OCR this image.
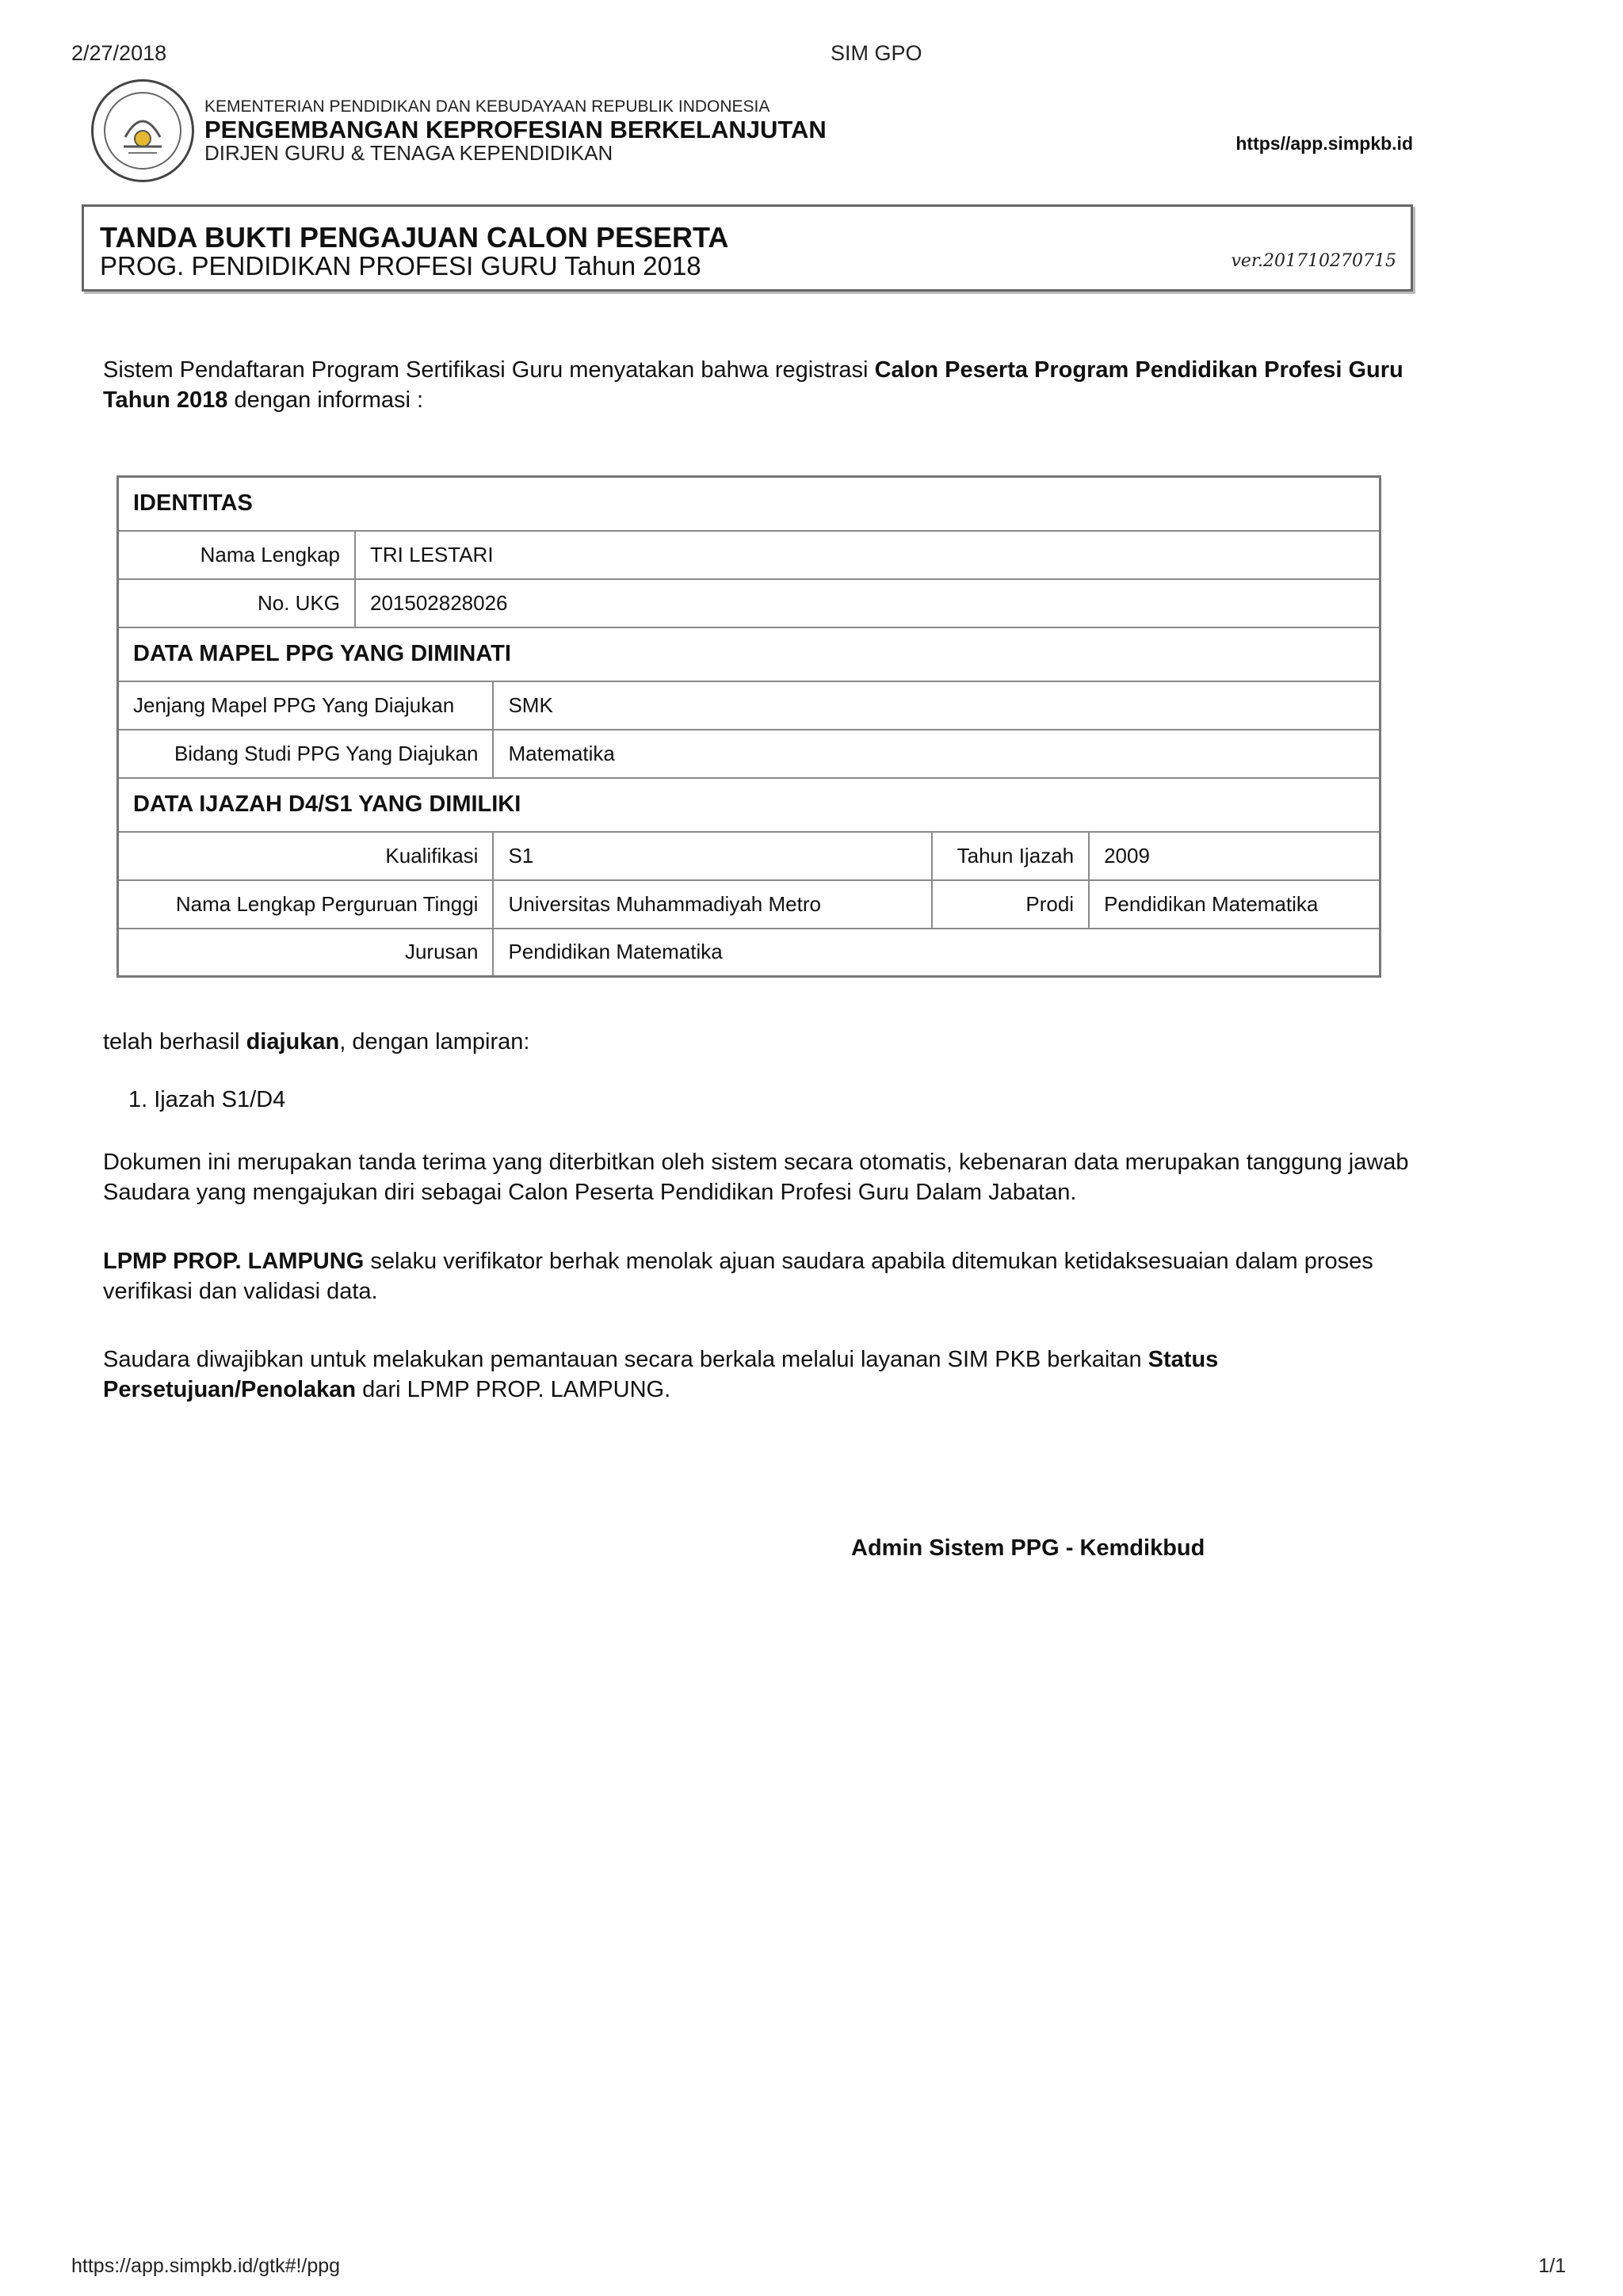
2/27/2018	SIM GPO
KEMENTERIAN PENDIDIKAN DAN KEBUDAYAAN REPUBLIK INDONESIA
PENGEMBANGAN KEPROFESIAN BERKELANJUTAN
DIRJEN GURU & TENAGA KEPENDIDIKAN	https//app.simpkb.id
TANDA BUKTI PENGAJUAN CALON PESERTA
PROG. PENDIDIKAN PROFESI GURU Tahun 2018	ver.201710270715
Sistem Pendaftaran Program Sertifikasi Guru menyatakan bahwa registrasi Calon Peserta Program Pendidikan Profesi Guru Tahun 2018 dengan informasi :
IDENTITAS				
Nama Lengkap	TRI LESTARI			
No. UKG	201502828026			
DATA MAPEL PPG YANG DIMINATI				
Jenjang Mapel PPG Yang Diajukan		SMK		
Bidang Studi PPG Yang Diajukan		Matematika		
DATA IJAZAH D4/S1 YANG DIMILIKI				
Kualifikasi		S1	Tahun Ijazah	2009
Nama Lengkap Perguruan Tinggi		Universitas Muhammadiyah Metro	Prodi	Pendidikan Matematika
Jurusan		Pendidikan Matematika		
telah berhasil diajukan, dengan lampiran:
1. Ijazah S1/D4
Dokumen ini merupakan tanda terima yang diterbitkan oleh sistem secara otomatis, kebenaran data merupakan tanggung jawab Saudara yang mengajukan diri sebagai Calon Peserta Pendidikan Profesi Guru Dalam Jabatan.
LPMP PROP. LAMPUNG selaku verifikator berhak menolak ajuan saudara apabila ditemukan ketidaksesuaian dalam proses verifikasi dan validasi data.
Saudara diwajibkan untuk melakukan pemantauan secara berkala melalui layanan SIM PKB berkaitan Status Persetujuan/Penolakan dari LPMP PROP. LAMPUNG.
Admin Sistem PPG - Kemdikbud
https://app.simpkb.id/gtk#!/ppg	1/1
